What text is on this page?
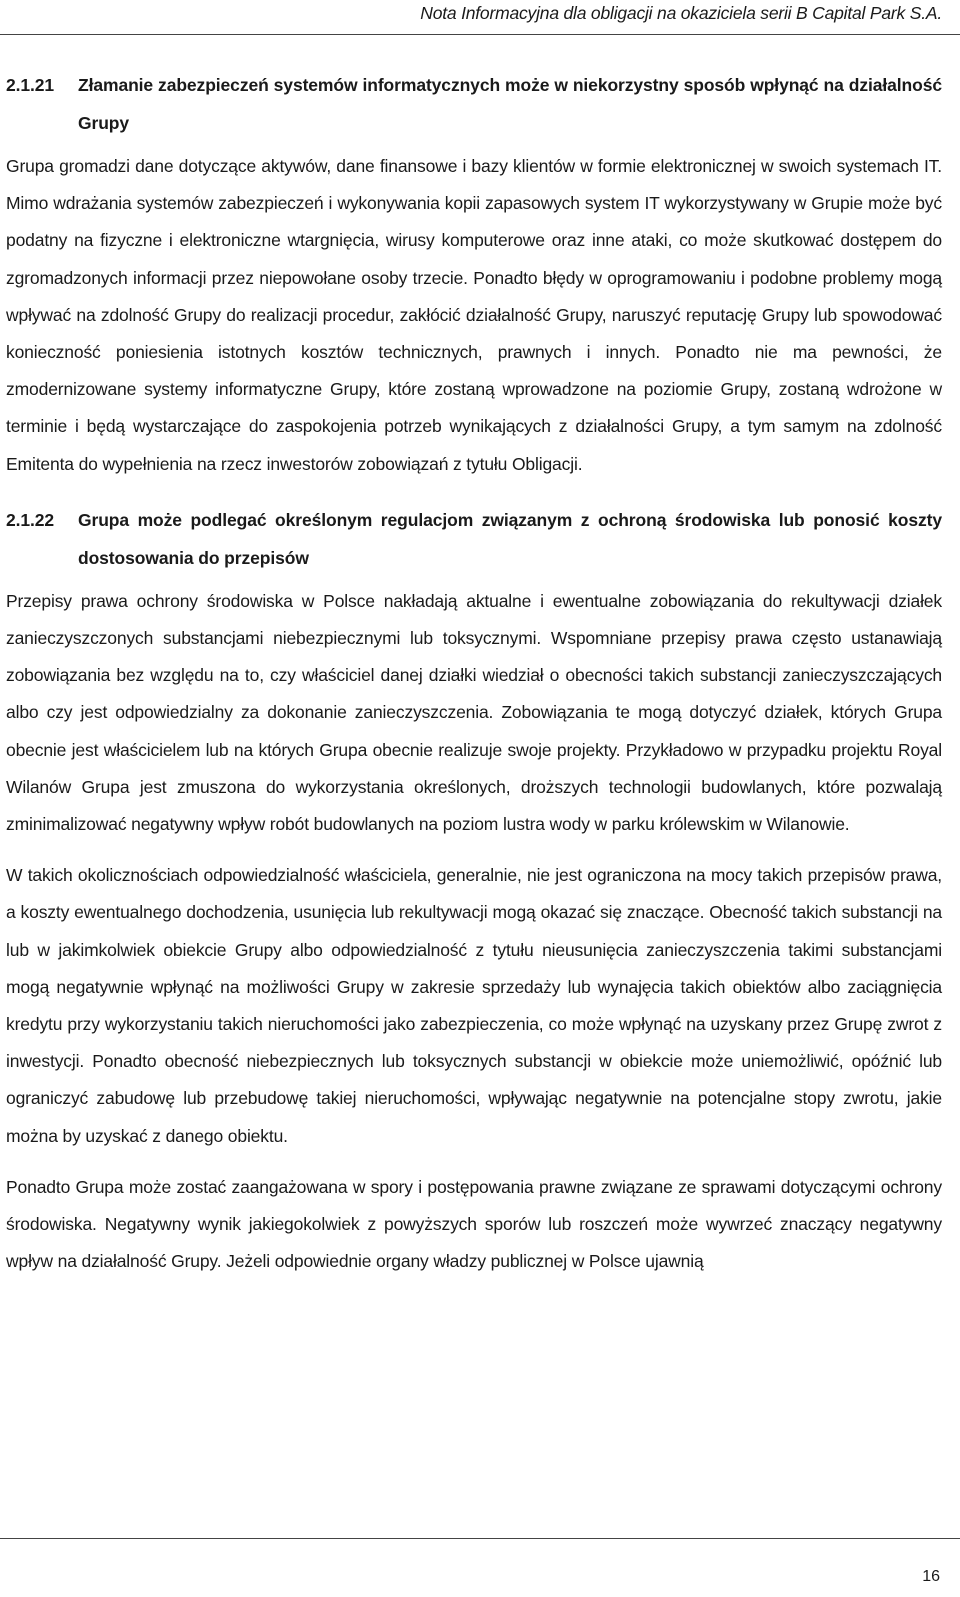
Nota Informacyjna dla obligacji na okaziciela serii B Capital Park S.A.
2.1.21	Złamanie zabezpieczeń systemów informatycznych może w niekorzystny sposób wpłynąć na działalność Grupy

Grupa gromadzi dane dotyczące aktywów, dane finansowe i bazy klientów w formie elektronicznej w swoich systemach IT. Mimo wdrażania systemów zabezpieczeń i wykonywania kopii zapasowych system IT wykorzystywany w Grupie może być podatny na fizyczne i elektroniczne wtargnięcia, wirusy komputerowe oraz inne ataki, co może skutkować dostępem do zgromadzonych informacji przez niepowołane osoby trzecie. Ponadto błędy w oprogramowaniu i podobne problemy mogą wpływać na zdolność Grupy do realizacji procedur, zakłócić działalność Grupy, naruszyć reputację Grupy lub spowodować konieczność poniesienia istotnych kosztów technicznych, prawnych i innych. Ponadto nie ma pewności, że zmodernizowane systemy informatyczne Grupy, które zostaną wprowadzone na poziomie Grupy, zostaną wdrożone w terminie i będą wystarczające do zaspokojenia potrzeb wynikających z działalności Grupy, a tym samym na zdolność Emitenta do wypełnienia na rzecz inwestorów zobowiązań z tytułu Obligacji.

2.1.22	Grupa może podlegać określonym regulacjom związanym z ochroną środowiska lub ponosić koszty dostosowania do przepisów

Przepisy prawa ochrony środowiska w Polsce nakładają aktualne i ewentualne zobowiązania do rekultywacji działek zanieczyszczonych substancjami niebezpiecznymi lub toksycznymi. Wspomniane przepisy prawa często ustanawiają zobowiązania bez względu na to, czy właściciel danej działki wiedział o obecności takich substancji zanieczyszczających albo czy jest odpowiedzialny za dokonanie zanieczyszczenia. Zobowiązania te mogą dotyczyć działek, których Grupa obecnie jest właścicielem lub na których Grupa obecnie realizuje swoje projekty. Przykładowo w przypadku projektu Royal Wilanów Grupa jest zmuszona do wykorzystania określonych, droższych technologii budowlanych, które pozwalają zminimalizować negatywny wpływ robót budowlanych na poziom lustra wody w parku królewskim w Wilanowie.

W takich okolicznościach odpowiedzialność właściciela, generalnie, nie jest ograniczona na mocy takich przepisów prawa, a koszty ewentualnego dochodzenia, usunięcia lub rekultywacji mogą okazać się znaczące. Obecność takich substancji na lub w jakimkolwiek obiekcie Grupy albo odpowiedzialność z tytułu nieusunięcia zanieczyszczenia takimi substancjami mogą negatywnie wpłynąć na możliwości Grupy w zakresie sprzedaży lub wynajęcia takich obiektów albo zaciągnięcia kredytu przy wykorzystaniu takich nieruchomości jako zabezpieczenia, co może wpłynąć na uzyskany przez Grupę zwrot z inwestycji. Ponadto obecność niebezpiecznych lub toksycznych substancji w obiekcie może uniemożliwić, opóźnić lub ograniczyć zabudowę lub przebudowę takiej nieruchomości, wpływając negatywnie na potencjalne stopy zwrotu, jakie można by uzyskać z danego obiektu.

Ponadto Grupa może zostać zaangażowana w spory i postępowania prawne związane ze sprawami dotyczącymi ochrony środowiska. Negatywny wynik jakiegokolwiek z powyższych sporów lub roszczeń może wywrzeć znaczący negatywny wpływ na działalność Grupy. Jeżeli odpowiednie organy władzy publicznej w Polsce ujawnią

16
